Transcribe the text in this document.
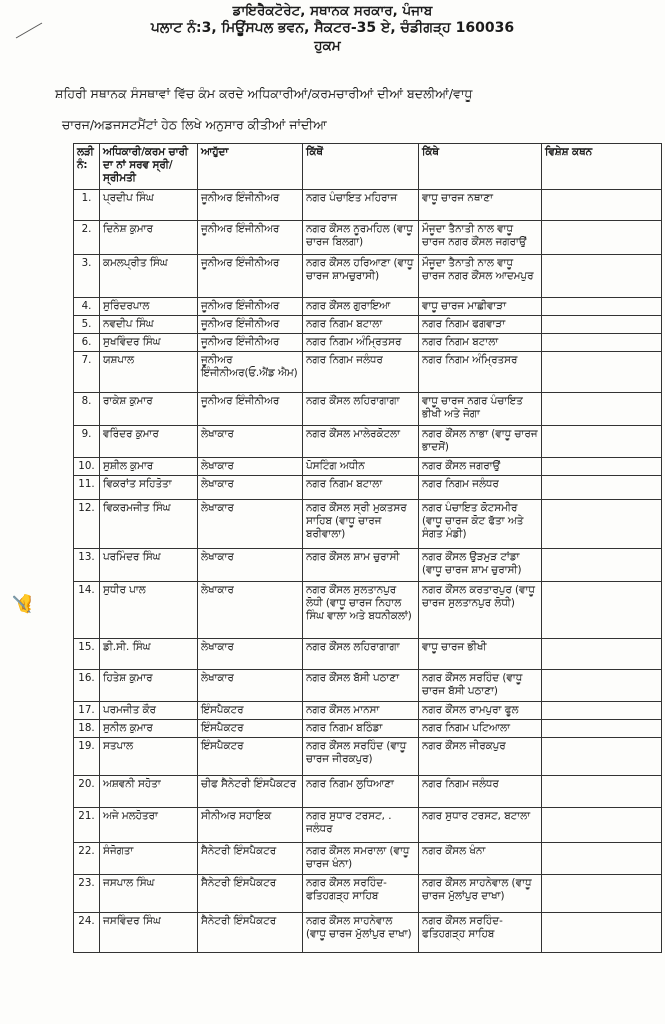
ਡਾਇਰੈਕਟੋਰੇਟ, ਸਥਾਨਕ ਸਰਕਾਰ, ਪੰਜਾਬ
ਪਲਾਟ ਨੰ:3, ਮਿਊਂਸਪਲ ਭਵਨ, ਸੈਕਟਰ-35 ਏ, ਚੰਡੀਗੜ੍ਹ 160036
ਹੁਕਮ
ਸ਼ਹਿਰੀ ਸਥਾਨਕ ਸੰਸਥਾਵਾਂ ਵਿੱਚ ਕੰਮ ਕਰਦੇ ਅਧਿਕਾਰੀਆਂ/ਕਰਮਚਾਰੀਆਂ ਦੀਆਂ ਬਦਲੀਆਂ/ਵਾਧੂ
ਚਾਰਜ/ਅਡਜਸਟਮੈਂਟਾਂ ਹੇਠ ਲਿਖੇ ਅਨੁਸਾਰ ਕੀਤੀਆਂ ਜਾਂਦੀਆ
✍
ਲੜੀ ਨੰ:	ਅਧਿਕਾਰੀ/ਕਰਮ ਚਾਰੀ ਦਾ ਨਾਂ ਸਰਵ ਸ੍ਰੀ/ਸ੍ਰੀਮਤੀ	ਆਹੁੱਦਾ	ਕਿੱਥੋਂ	ਕਿੱਥੇ	ਵਿਸ਼ੇਸ਼ ਕਥਨ
1.	ਪ੍ਰਦੀਪ ਸਿੰਘ	ਜੂਨੀਅਰ ਇੰਜੀਨੀਅਰ	ਨਗਰ ਪੰਚਾਇਤ ਮਹਿਰਾਜ	ਵਾਧੂ ਚਾਰਜ ਨਥਾਣਾ	
2.	ਦਿਨੇਸ਼ ਕੁਮਾਰ	ਜੂਨੀਅਰ ਇੰਜੀਨੀਅਰ	ਨਗਰ ਕੌਂਸਲ ਨੂਰਮਹਿਲ (ਵਾਧੂ ਚਾਰਜ ਬਿਲਗਾ)	ਮੌਜੂਦਾ ਤੈਨਾਤੀ ਨਾਲ ਵਾਧੂ ਚਾਰਜ ਨਗਰ ਕੌਂਸਲ ਜਗਰਾਉਂ	
3.	ਕਮਲਪ੍ਰੀਤ ਸਿੰਘ	ਜੂਨੀਅਰ ਇੰਜੀਨੀਅਰ	ਨਗਰ ਕੌਂਸਲ ਹਰਿਆਣਾ (ਵਾਧੂ ਚਾਰਜ ਸ਼ਾਮਚੁਰਾਸੀ)	ਮੌਜੂਦਾ ਤੈਨਾਤੀ ਨਾਲ ਵਾਧੂ ਚਾਰਜ ਨਗਰ ਕੌਂਸਲ ਆਦਮਪੁਰ	
4.	ਸੁਰਿੰਦਰਪਾਲ	ਜੂਨੀਅਰ ਇੰਜੀਨੀਅਰ	ਨਗਰ ਕੌਂਸਲ ਗੁਰਾਇਆ	ਵਾਧੂ ਚਾਰਜ ਮਾਛੀਵਾੜਾ	
5.	ਨਵਦੀਪ ਸਿੰਘ	ਜੂਨੀਅਰ ਇੰਜੀਨੀਅਰ	ਨਗਰ ਨਿਗਮ ਬਟਾਲਾ	ਨਗਰ ਨਿਗਮ ਫਗਵਾੜਾ	
6.	ਸੁਖਵਿੰਦਰ ਸਿੰਘ	ਜੂਨੀਅਰ ਇੰਜੀਨੀਅਰ	ਨਗਰ ਨਿਗਮ ਅੰਮ੍ਰਿਤਸਰ	ਨਗਰ ਨਿਗਮ ਬਟਾਲਾ	
7.	ਯਸ਼ਪਾਲ	ਜੂਨੀਅਰ ਇੰਜੀਨੀਅਰ(ਓ.ਐਂਡ ਐਮ)	ਨਗਰ ਨਿਗਮ ਜਲੰਧਰ	ਨਗਰ ਨਿਗਮ ਅੰਮ੍ਰਿਤਸਰ	
8.	ਰਾਕੇਸ਼ ਕੁਮਾਰ	ਜੂਨੀਅਰ ਇੰਜੀਨੀਅਰ	ਨਗਰ ਕੌਂਸਲ ਲਹਿਰਾਗਾਗਾ	ਵਾਧੂ ਚਾਰਜ ਨਗਰ ਪੰਚਾਇਤ ਭੀਖੀ ਅਤੇ ਜੋਗਾ	
9.	ਵਰਿੰਦਰ ਕੁਮਾਰ	ਲੇਖਾਕਾਰ	ਨਗਰ ਕੌਂਸਲ ਮਾਲੇਰਕੋਟਲਾ	ਨਗਰ ਕੌਂਸਲ ਨਾਭਾ (ਵਾਧੂ ਚਾਰਜ ਭਾਦਸੋਂ)	
10.	ਸੁਸ਼ੀਲ ਕੁਮਾਰ	ਲੇਖਾਕਾਰ	ਪੋਸਟਿੰਗ ਅਧੀਨ	ਨਗਰ ਕੌਂਸਲ ਜਗਰਾਉਂ	
11.	ਵਿਕਰਾਂਤ ਸਹਿਤੋਤਾ	ਲੇਖਾਕਾਰ	ਨਗਰ ਨਿਗਮ ਬਟਾਲਾ	ਨਗਰ ਨਿਗਮ ਜਲੰਧਰ	
12.	ਵਿਕਰਮਜੀਤ ਸਿੰਘ	ਲੇਖਾਕਾਰ	ਨਗਰ ਕੌਂਸਲ ਸ੍ਰੀ ਮੁਕਤਸਰ ਸਾਹਿਬ (ਵਾਧੂ ਚਾਰਜ ਬਰੀਵਾਲਾ)	ਨਗਰ ਪੰਚਾਇਤ ਕੋਟਸਮੀਰ (ਵਾਧੂ ਚਾਰਜ ਕੋਟ ਫੱਤਾ ਅਤੇ ਸੰਗਤ ਮੰਡੀ)	
13.	ਪਰਮਿੰਦਰ ਸਿੰਘ	ਲੇਖਾਕਾਰ	ਨਗਰ ਕੌਂਸਲ ਸ਼ਾਮ ਚੁਰਾਸੀ	ਨਗਰ ਕੌਂਸਲ ਉੜਮੁੜ ਟਾਂਡਾ (ਵਾਧੂ ਚਾਰਜ ਸ਼ਾਮ ਚੁਰਾਸੀ)	
14.	ਸੁਧੀਰ ਪਾਲ	ਲੇਖਾਕਾਰ	ਨਗਰ ਕੌਂਸਲ ਸੁਲਤਾਨਪੁਰ ਲੋਧੀ (ਵਾਧੂ ਚਾਰਜ ਨਿਹਾਲ ਸਿੰਘ ਵਾਲਾ ਅਤੇ ਬਧਨੀਕਲਾਂ)	ਨਗਰ ਕੌਂਸਲ ਕਰਤਾਰਪੁਰ (ਵਾਧੂ ਚਾਰਜ ਸੁਲਤਾਨਪੁਰ ਲੋਧੀ)	
15.	ਡੀ.ਸੀ. ਸਿੰਘ	ਲੇਖਾਕਾਰ	ਨਗਰ ਕੌਂਸਲ ਲਹਿਰਾਗਾਗਾ	ਵਾਧੂ ਚਾਰਜ ਭੀਖੀ	
16.	ਹਿਤੇਸ਼ ਕੁਮਾਰ	ਲੇਖਾਕਾਰ	ਨਗਰ ਕੌਂਸਲ ਬੱਸੀ ਪਠਾਣਾ	ਨਗਰ ਕੌਂਸਲ ਸਰਹਿੰਦ (ਵਾਧੂ ਚਾਰਜ ਬੱਸੀ ਪਠਾਣਾ)	
17.	ਪਰਮਜੀਤ ਕੌਰ	ਇੰਸਪੈਕਟਰ	ਨਗਰ ਕੌਂਸਲ ਮਾਨਸਾ	ਨਗਰ ਕੌਂਸਲ ਰਾਮਪੁਰਾ ਫੂਲ	
18.	ਸੁਨੀਲ ਕੁਮਾਰ	ਇੰਸਪੈਕਟਰ	ਨਗਰ ਨਿਗਮ ਬਠਿੰਡਾ	ਨਗਰ ਨਿਗਮ ਪਟਿਆਲਾ	
19.	ਸਤਪਾਲ	ਇੰਸਪੈਕਟਰ	ਨਗਰ ਕੌਂਸਲ ਸਰਹਿੰਦ (ਵਾਧੂ ਚਾਰਜ ਜੀਰਕਪੁਰ)	ਨਗਰ ਕੌਂਸਲ ਜੀਰਕਪੁਰ	
20.	ਅਸ਼ਵਨੀ ਸਹੋਤਾ	ਚੀਫ ਸੈਨੇਟਰੀ ਇੰਸਪੈਕਟਰ	ਨਗਰ ਨਿਗਮ ਲੁਧਿਆਣਾ	ਨਗਰ ਨਿਗਮ ਜਲੰਧਰ	
21.	ਅਜੇ ਮਲਹੋਤਰਾ	ਸੀਨੀਅਰ ਸਹਾਇਕ	ਨਗਰ ਸੁਧਾਰ ਟਰਸਟ, . ਜਲੰਧਰ	ਨਗਰ ਸੁਧਾਰ ਟਰਸਟ, ਬਟਾਲਾ	
22.	ਸੰਜੋਗਤਾ	ਸੈਨੇਟਰੀ ਇੰਸਪੈਕਟਰ	ਨਗਰ ਕੌਂਸਲ ਸਮਰਾਲਾ (ਵਾਧੂ ਚਾਰਜ ਖੰਨਾ)	ਨਗਰ ਕੌਂਸਲ ਖੰਨਾ	
23.	ਜਸਪਾਲ ਸਿੰਘ	ਸੈਨੇਟਰੀ ਇੰਸਪੈਕਟਰ	ਨਗਰ ਕੌਂਸਲ ਸਰਹਿੰਦ-ਫਤਿਹਗੜ੍ਹ ਸਾਹਿਬ	ਨਗਰ ਕੌਂਸਲ ਸਾਹਨੇਵਾਲ (ਵਾਧੂ ਚਾਰਜ ਮੁੱਲਾਂਪੁਰ ਦਾਖਾ)	
24.	ਜਸਵਿੰਦਰ ਸਿੰਘ	ਸੈਨੇਟਰੀ ਇੰਸਪੈਕਟਰ	ਨਗਰ ਕੌਂਸਲ ਸਾਹਨੇਵਾਲ (ਵਾਧੂ ਚਾਰਜ ਮੁੱਲਾਂਪੁਰ ਦਾਖਾ)	ਨਗਰ ਕੌਂਸਲ ਸਰਹਿੰਦ-ਫਤਿਹਗੜ੍ਹ ਸਾਹਿਬ	
